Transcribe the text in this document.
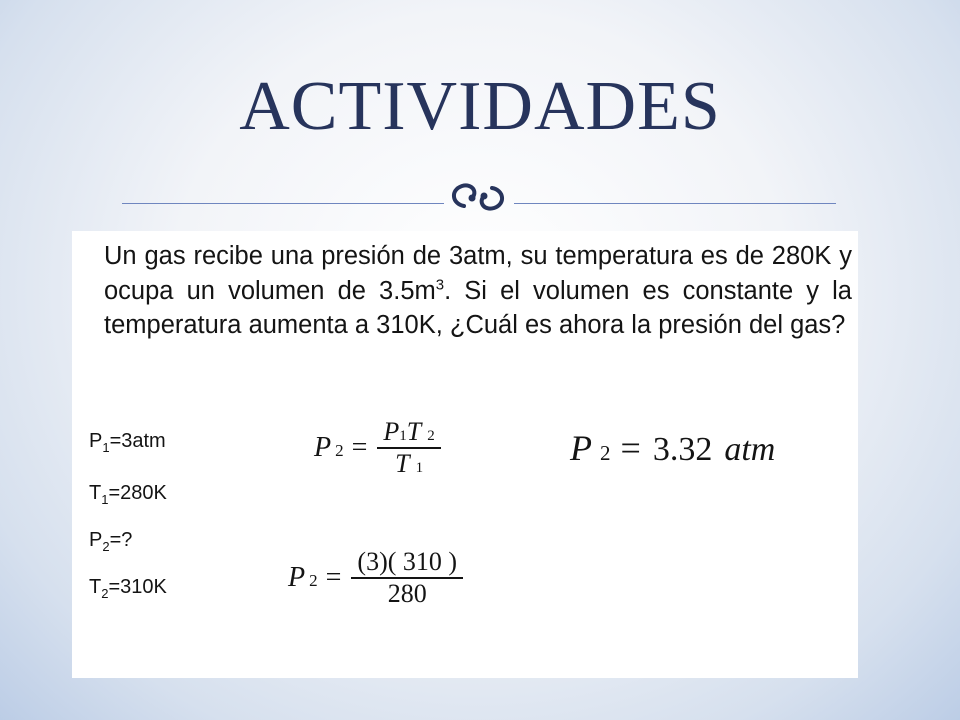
ACTIVIDADES

Un gas recibe una presión de 3atm, su temperatura es de 280K y ocupa un volumen de $3.5m^3$. Si el volumen es constante y la temperatura aumenta a 310K, ¿Cuál es ahora la presión del gas?

$P_1=3atm$
$T_1=280K$
$P_2=$?
$T_2=310K$
P $2 = \frac{P1T 2}{T 1}$
P $2 = \frac{(3)( 310 )}{280}$
P 2 = 3.32 atm
